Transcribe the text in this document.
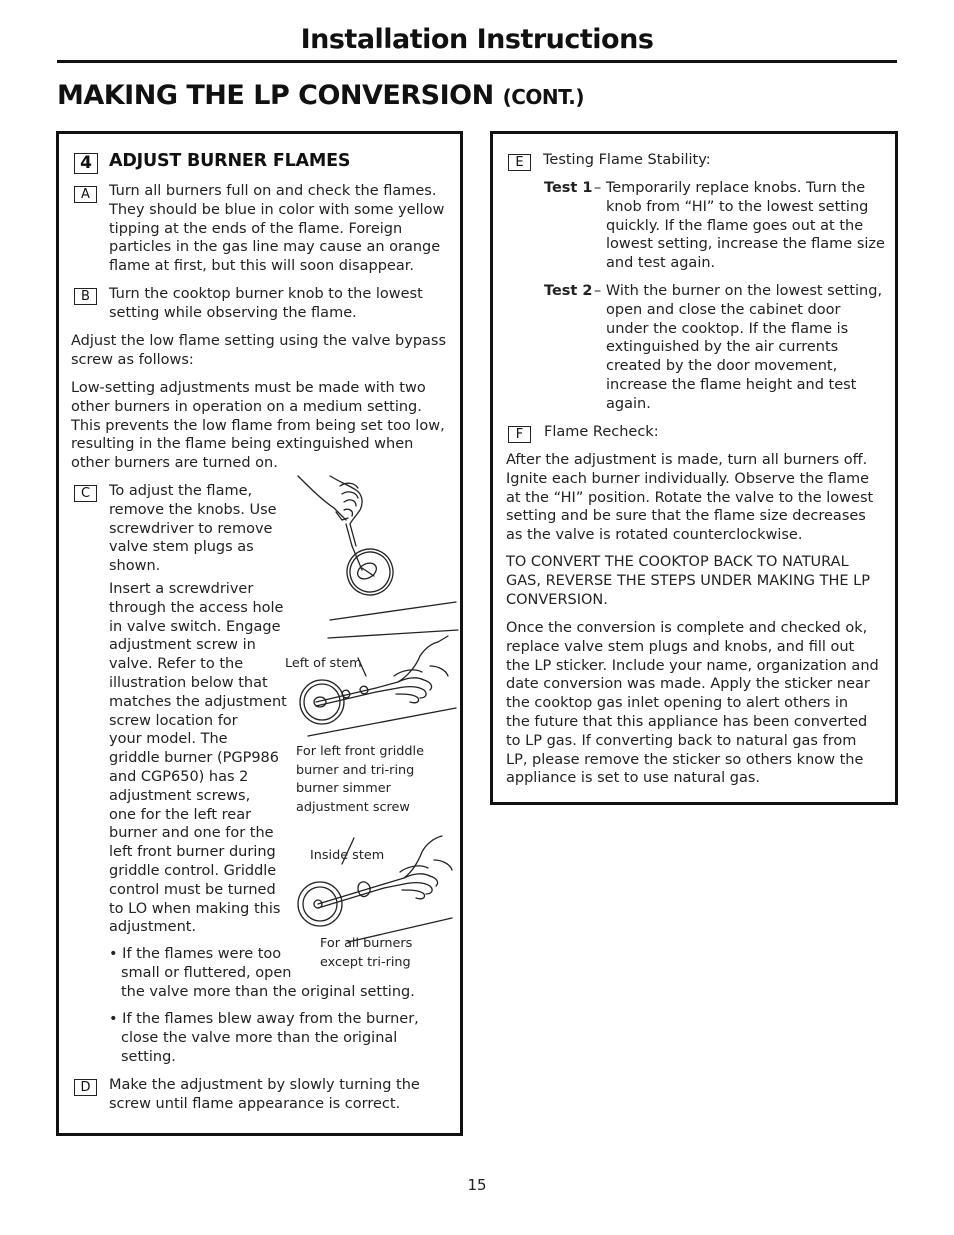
Installation Instructions
MAKING THE LP CONVERSION (CONT.)
4 ADJUST BURNER FLAMES
A	Turn all burners full on and check the flames.
They should be blue in color with some yellow
tipping at the ends of the flame. Foreign
particles in the gas line may cause an orange
flame at first, but this will soon disappear.
B	Turn the cooktop burner knob to the lowest
setting while observing the flame.
Adjust the low flame setting using the valve bypass
screw as follows:
Low-setting adjustments must be made with two
other burners in operation on a medium setting.
This prevents the low flame from being set too low,
resulting in the flame being extinguished when
other burners are turned on.
C	To adjust the flame,
remove the knobs. Use
screwdriver to remove
valve stem plugs as
shown.
Insert a screwdriver
through the access hole
in valve switch. Engage
adjustment screw in
valve. Refer to the
illustration below that
matches the adjustment
screw location for
your model. The
griddle burner (PGP986
and CGP650) has 2
adjustment screws,
one for the left rear
burner and one for the
left front burner during
griddle control. Griddle
control must be turned
to LO when making this
adjustment.
• If the flames were too
small or fluttered, open
the valve more than the original setting.
• If the flames blew away from the burner,
close the valve more than the original
setting.
D	Make the adjustment by slowly turning the
screw until flame appearance is correct.
Left of stem
For left front griddle
burner and tri-ring
burner simmer
adjustment screw
Inside stem
For all burners
except tri-ring
E	Testing Flame Stability:
Test 1 – Temporarily replace knobs. Turn the
knob from “HI” to the lowest setting
quickly. If the flame goes out at the
lowest setting, increase the flame size
and test again.
Test 2 – With the burner on the lowest setting,
open and close the cabinet door
under the cooktop. If the flame is
extinguished by the air currents
created by the door movement,
increase the flame height and test
again.
F	Flame Recheck:
After the adjustment is made, turn all burners off.
Ignite each burner individually. Observe the flame
at the “HI” position. Rotate the valve to the lowest
setting and be sure that the flame size decreases
as the valve is rotated counterclockwise.
TO CONVERT THE COOKTOP BACK TO NATURAL
GAS, REVERSE THE STEPS UNDER MAKING THE LP
CONVERSION.
Once the conversion is complete and checked ok,
replace valve stem plugs and knobs, and fill out
the LP sticker. Include your name, organization and
date conversion was made. Apply the sticker near
the cooktop gas inlet opening to alert others in
the future that this appliance has been converted
to LP gas. If converting back to natural gas from
LP, please remove the sticker so others know the
appliance is set to use natural gas.
15
